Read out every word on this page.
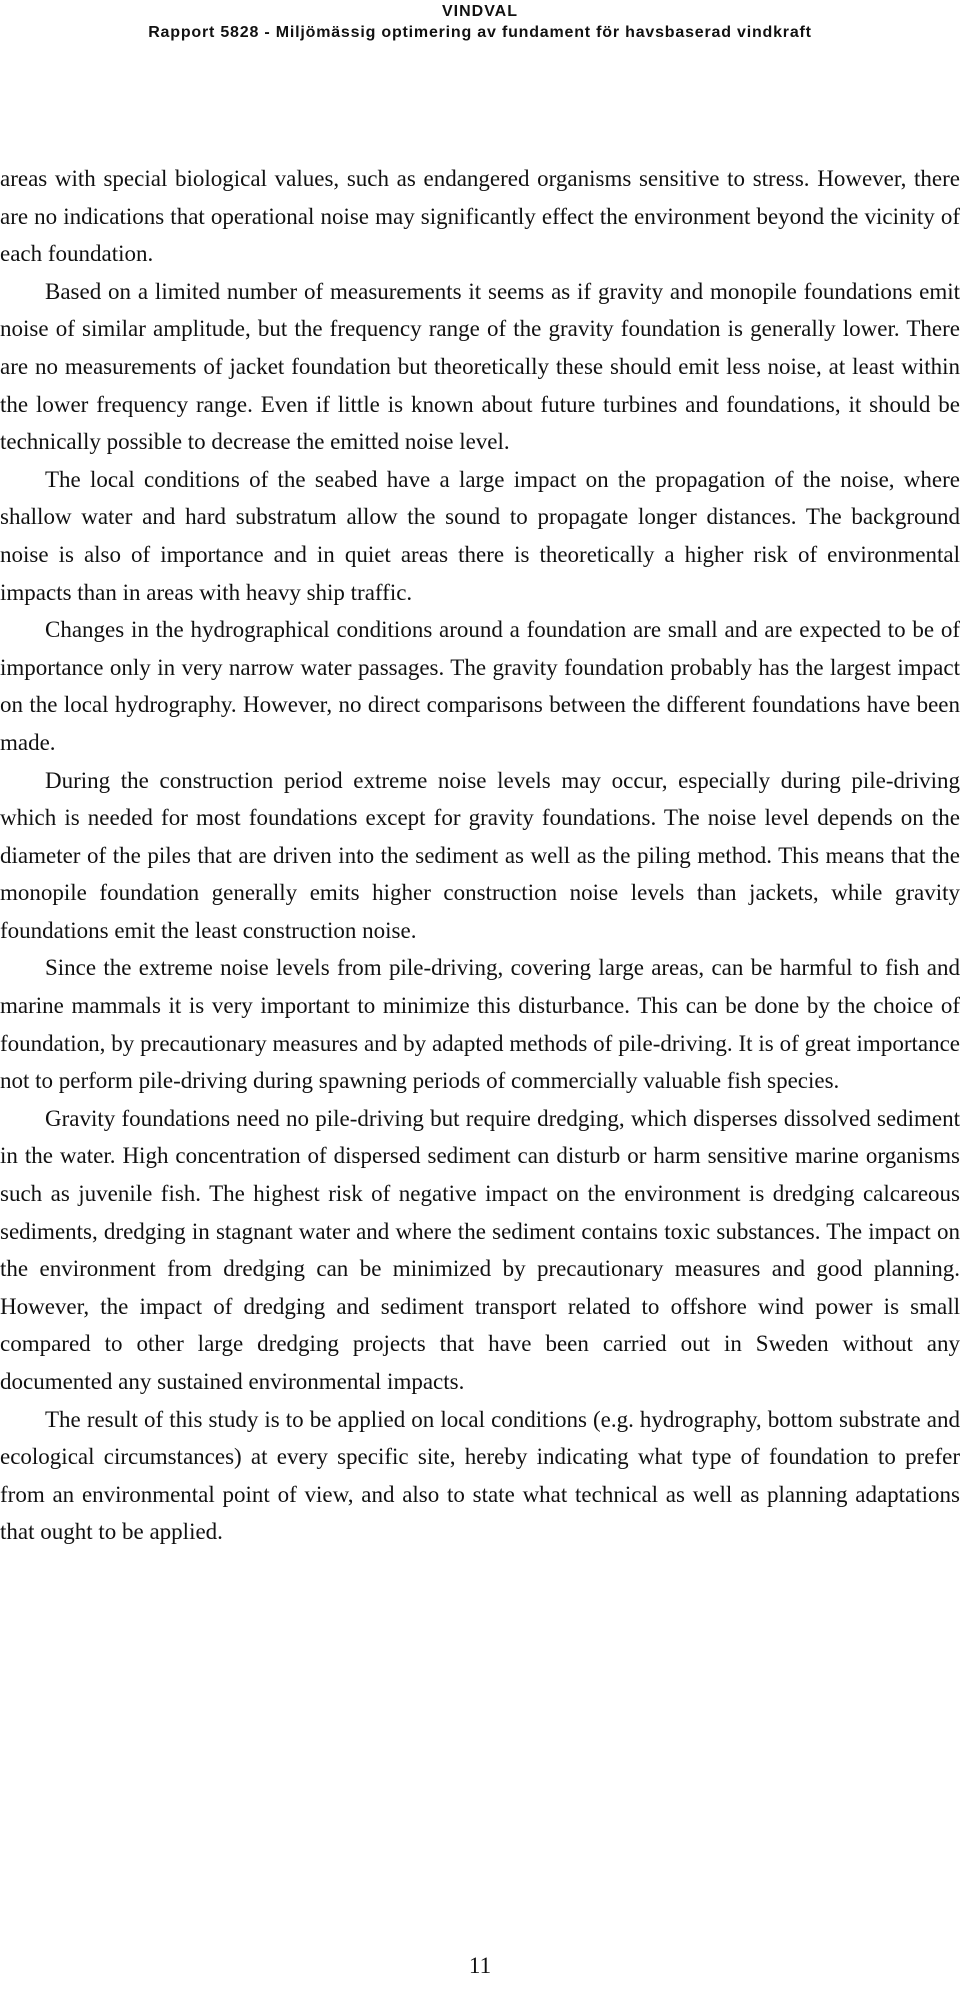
VINDVAL
Rapport 5828 - Miljömässig optimering av fundament för havsbaserad vindkraft

areas with special biological values, such as endangered organisms sensitive to stress. However, there are no indications that operational noise may significantly effect the environment beyond the vicinity of each foundation.

Based on a limited number of measurements it seems as if gravity and monopile foundations emit noise of similar amplitude, but the frequency range of the gravity foundation is generally lower. There are no measurements of jacket foundation but theoretically these should emit less noise, at least within the lower frequency range. Even if little is known about future turbines and foundations, it should be technically possible to decrease the emitted noise level.

The local conditions of the seabed have a large impact on the propagation of the noise, where shallow water and hard substratum allow the sound to propagate longer distances. The background noise is also of importance and in quiet areas there is theoretically a higher risk of environmental impacts than in areas with heavy ship traffic.

Changes in the hydrographical conditions around a foundation are small and are expected to be of importance only in very narrow water passages. The gravity foundation probably has the largest impact on the local hydrography. However, no direct comparisons between the different foundations have been made.

During the construction period extreme noise levels may occur, especially during pile-driving which is needed for most foundations except for gravity foundations. The noise level depends on the diameter of the piles that are driven into the sediment as well as the piling method. This means that the monopile foundation generally emits higher construction noise levels than jackets, while gravity foundations emit the least construction noise.

Since the extreme noise levels from pile-driving, covering large areas, can be harmful to fish and marine mammals it is very important to minimize this disturbance. This can be done by the choice of foundation, by precautionary measures and by adapted methods of pile-driving. It is of great importance not to perform pile-driving during spawning periods of commercially valuable fish species.

Gravity foundations need no pile-driving but require dredging, which disperses dissolved sediment in the water. High concentration of dispersed sediment can disturb or harm sensitive marine organisms such as juvenile fish. The highest risk of negative impact on the environment is dredging calcareous sediments, dredging in stagnant water and where the sediment contains toxic substances. The impact on the environment from dredging can be minimized by precautionary measures and good planning. However, the impact of dredging and sediment transport related to offshore wind power is small compared to other large dredging projects that have been carried out in Sweden without any documented any sustained environmental impacts.

The result of this study is to be applied on local conditions (e.g. hydrography, bottom substrate and ecological circumstances) at every specific site, hereby indicating what type of foundation to prefer from an environmental point of view, and also to state what technical as well as planning adaptations that ought to be applied.

11
